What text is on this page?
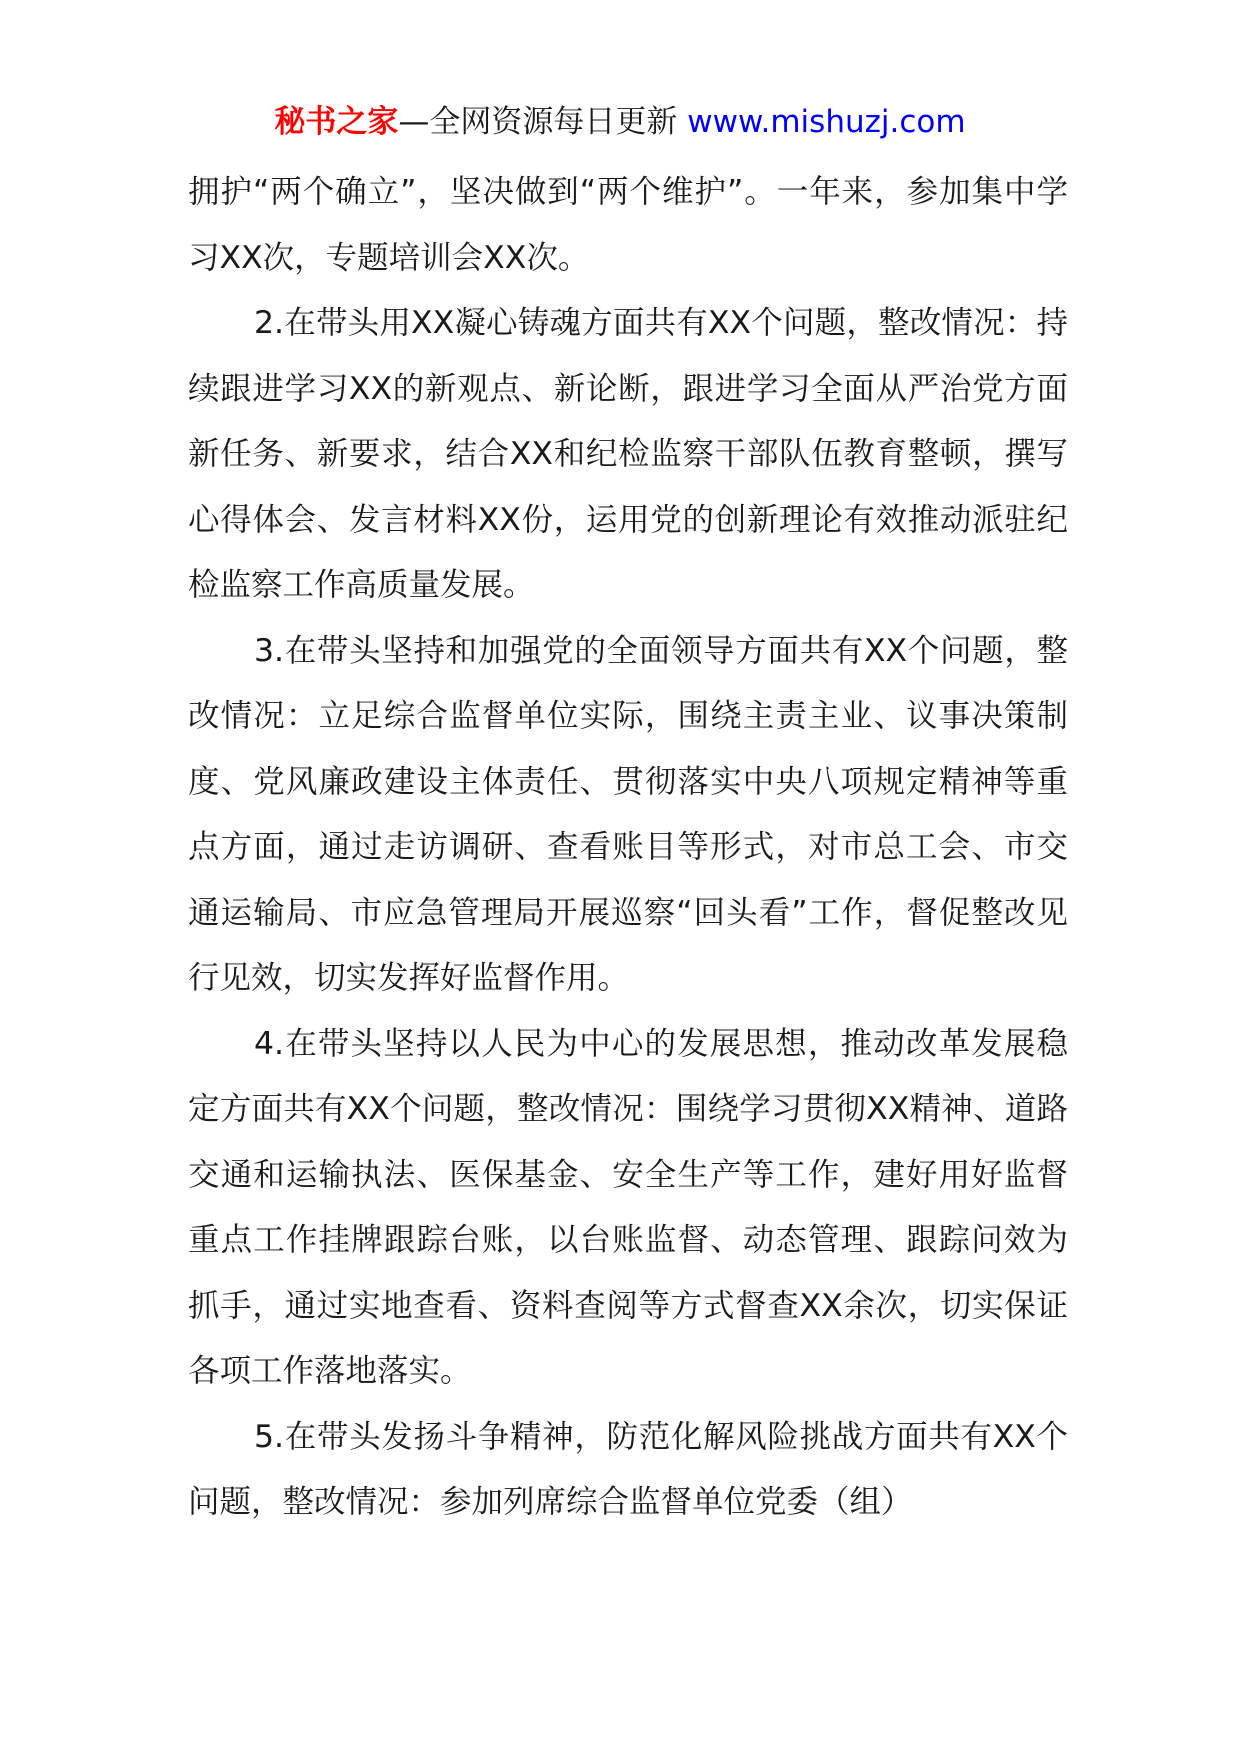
秘书之家—全网资源每日更新 www.mishuzj.com

拥护“两个确立”，坚决做到“两个维护”。一年来，参加集中学习XX次，专题培训会XX次。

2.在带头用XX凝心铸魂方面共有XX个问题，整改情况：持续跟进学习XX的新观点、新论断，跟进学习全面从严治党方面新任务、新要求，结合XX和纪检监察干部队伍教育整顿，撰写心得体会、发言材料XX份，运用党的创新理论有效推动派驻纪检监察工作高质量发展。

3.在带头坚持和加强党的全面领导方面共有XX个问题，整改情况：立足综合监督单位实际，围绕主责主业、议事决策制度、党风廉政建设主体责任、贯彻落实中央八项规定精神等重点方面，通过走访调研、查看账目等形式，对市总工会、市交通运输局、市应急管理局开展巡察“回头看”工作，督促整改见行见效，切实发挥好监督作用。

4.在带头坚持以人民为中心的发展思想，推动改革发展稳定方面共有XX个问题，整改情况：围绕学习贯彻XX精神、道路交通和运输执法、医保基金、安全生产等工作，建好用好监督重点工作挂牌跟踪台账，以台账监督、动态管理、跟踪问效为抓手，通过实地查看、资料查阅等方式督查XX余次，切实保证各项工作落地落实。

5.在带头发扬斗争精神，防范化解风险挑战方面共有XX个问题，整改情况：参加列席综合监督单位党委（组）
